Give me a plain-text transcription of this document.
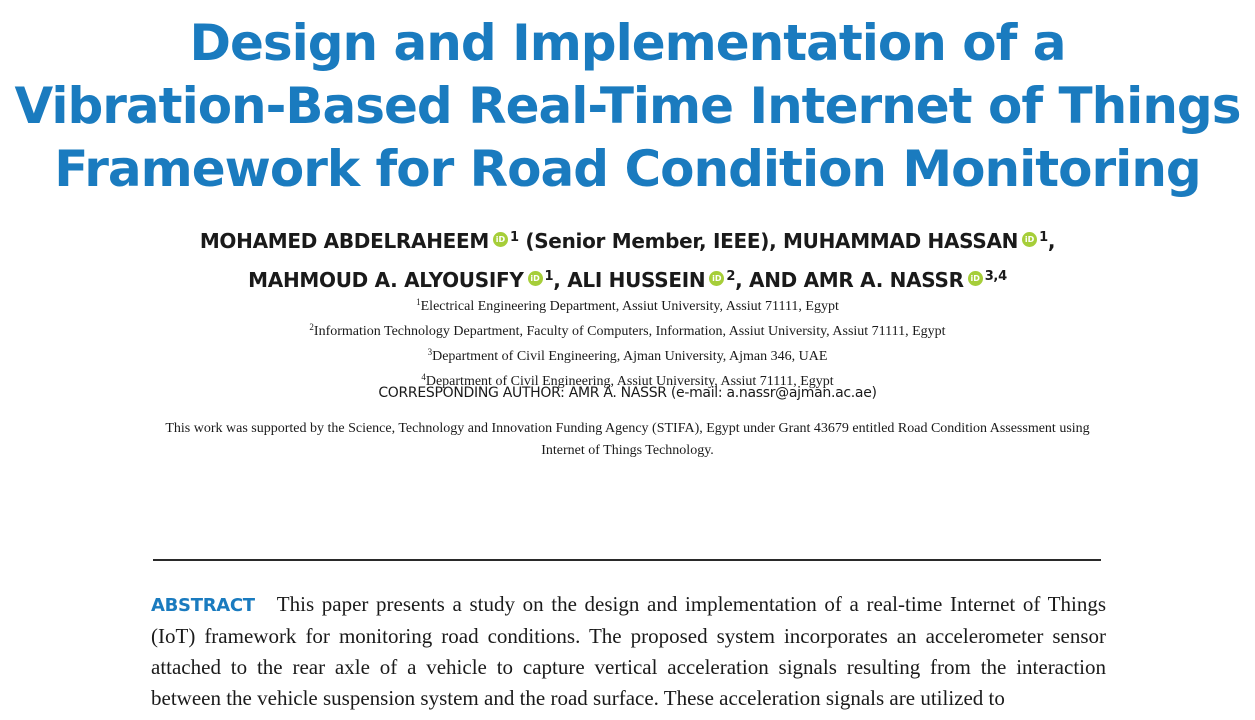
Design and Implementation of a
Vibration-Based Real-Time Internet of Things
Framework for Road Condition Monitoring
MOHAMED ABDELRAHEEM iD $^1$ (Senior Member, IEEE), MUHAMMAD HASSAN iD $^1$,
MAHMOUD A. ALYOUSIFY iD $^1$, ALI HUSSEIN iD $^2$, AND AMR A. NASSR iD $^{3,4}$
$^1$Electrical Engineering Department, Assiut University, Assiut 71111, Egypt
$^2$Information Technology Department, Faculty of Computers, Information, Assiut University, Assiut 71111, Egypt
$^3$Department of Civil Engineering, Ajman University, Ajman 346, UAE
$^4$Department of Civil Engineering, Assiut University, Assiut 71111, Egypt
CORRESPONDING AUTHOR: AMR A. NASSR (e-mail: a.nassr@ajman.ac.ae)
This work was supported by the Science, Technology and Innovation Funding Agency (STIFA), Egypt under Grant 43679 entitled Road Condition Assessment using Internet of Things Technology.
ABSTRACT This paper presents a study on the design and implementation of a real-time Internet of Things (IoT) framework for monitoring road conditions. The proposed system incorporates an accelerometer sensor attached to the rear axle of a vehicle to capture vertical acceleration signals resulting from the interaction between the vehicle suspension system and the road surface. These acceleration signals are utilized to
